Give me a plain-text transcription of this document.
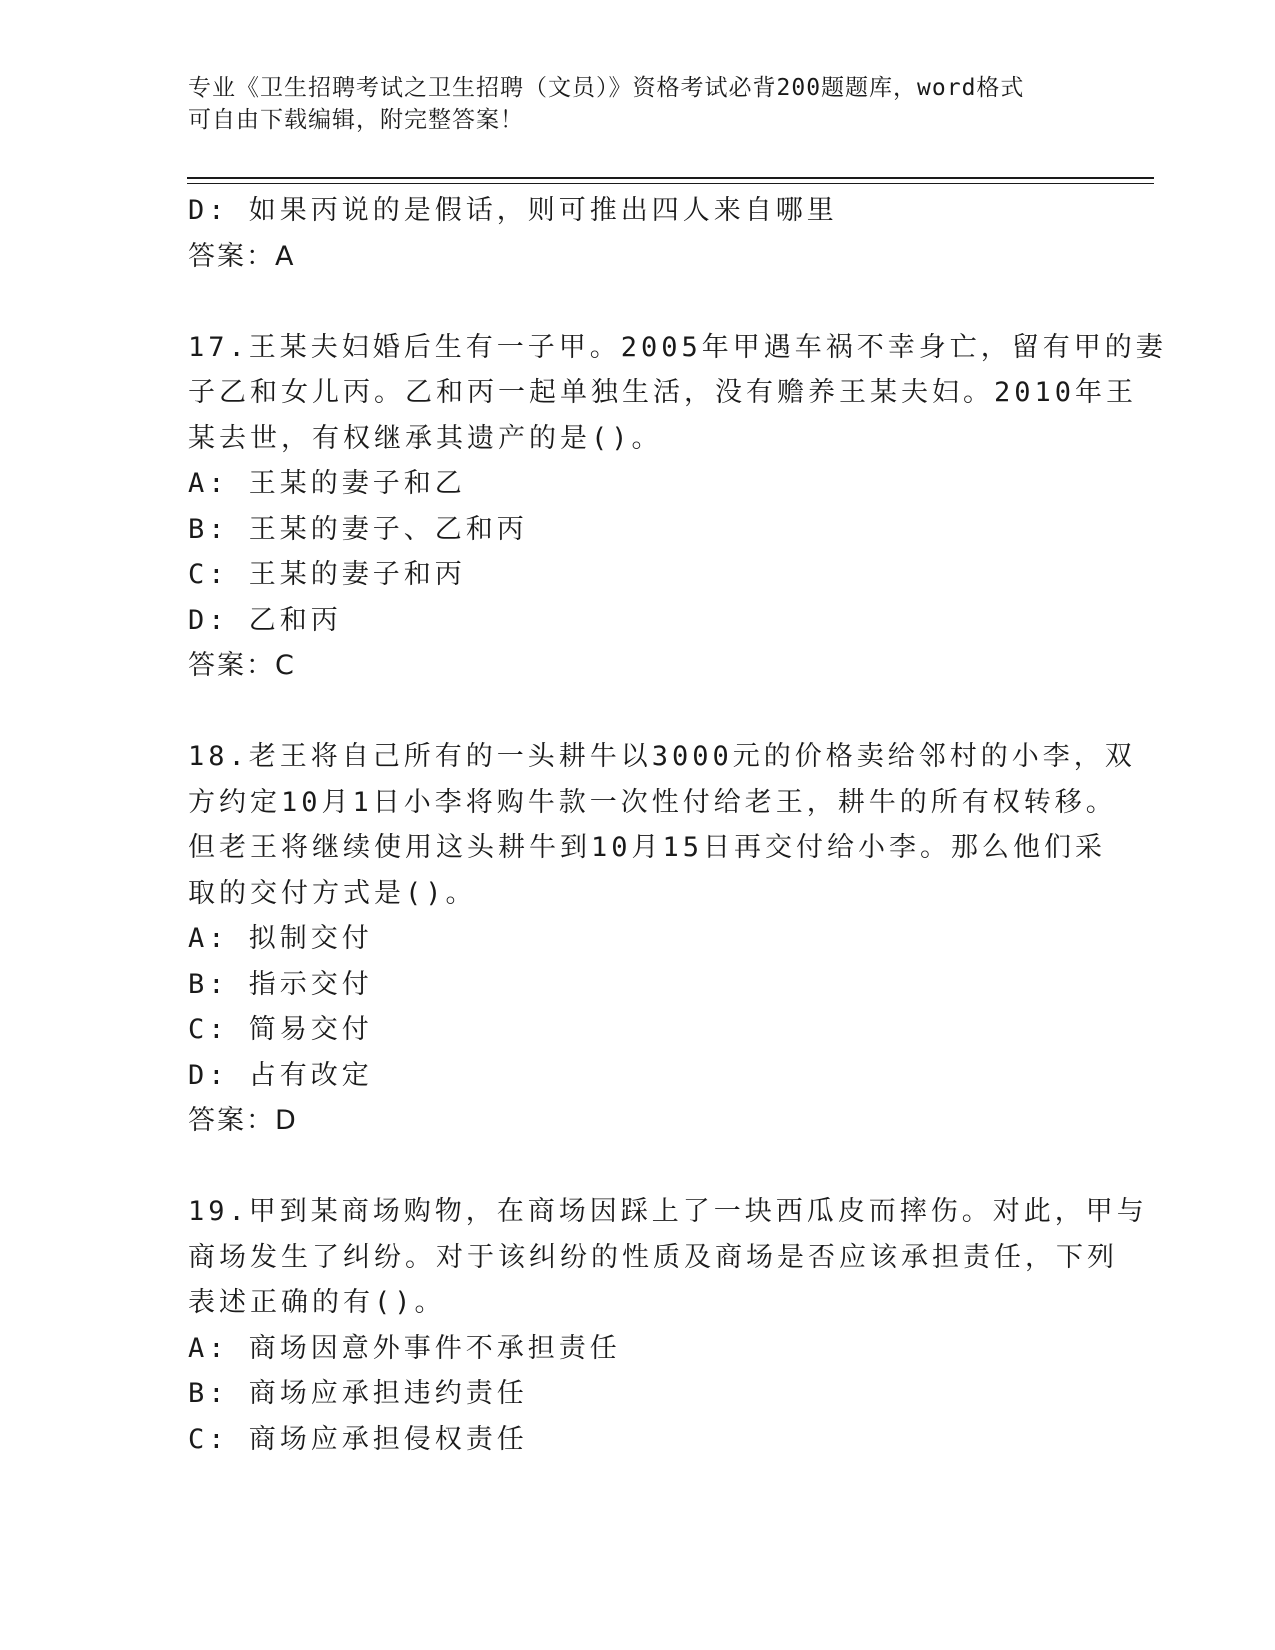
专业《卫生招聘考试之卫生招聘（文员）》资格考试必背200题题库，word格式
可自由下载编辑，附完整答案！
D: 如果丙说的是假话，则可推出四人来自哪里
答案：A
17.王某夫妇婚后生有一子甲。2005年甲遇车祸不幸身亡，留有甲的妻
子乙和女儿丙。乙和丙一起单独生活，没有赡养王某夫妇。2010年王
某去世，有权继承其遗产的是()。
A: 王某的妻子和乙
B: 王某的妻子、乙和丙
C: 王某的妻子和丙
D: 乙和丙
答案：C
18.老王将自己所有的一头耕牛以3000元的价格卖给邻村的小李，双
方约定10月1日小李将购牛款一次性付给老王，耕牛的所有权转移。
但老王将继续使用这头耕牛到10月15日再交付给小李。那么他们采
取的交付方式是()。
A: 拟制交付
B: 指示交付
C: 简易交付
D: 占有改定
答案：D
19.甲到某商场购物，在商场因踩上了一块西瓜皮而摔伤。对此，甲与
商场发生了纠纷。对于该纠纷的性质及商场是否应该承担责任，下列
表述正确的有()。
A: 商场因意外事件不承担责任
B: 商场应承担违约责任
C: 商场应承担侵权责任
